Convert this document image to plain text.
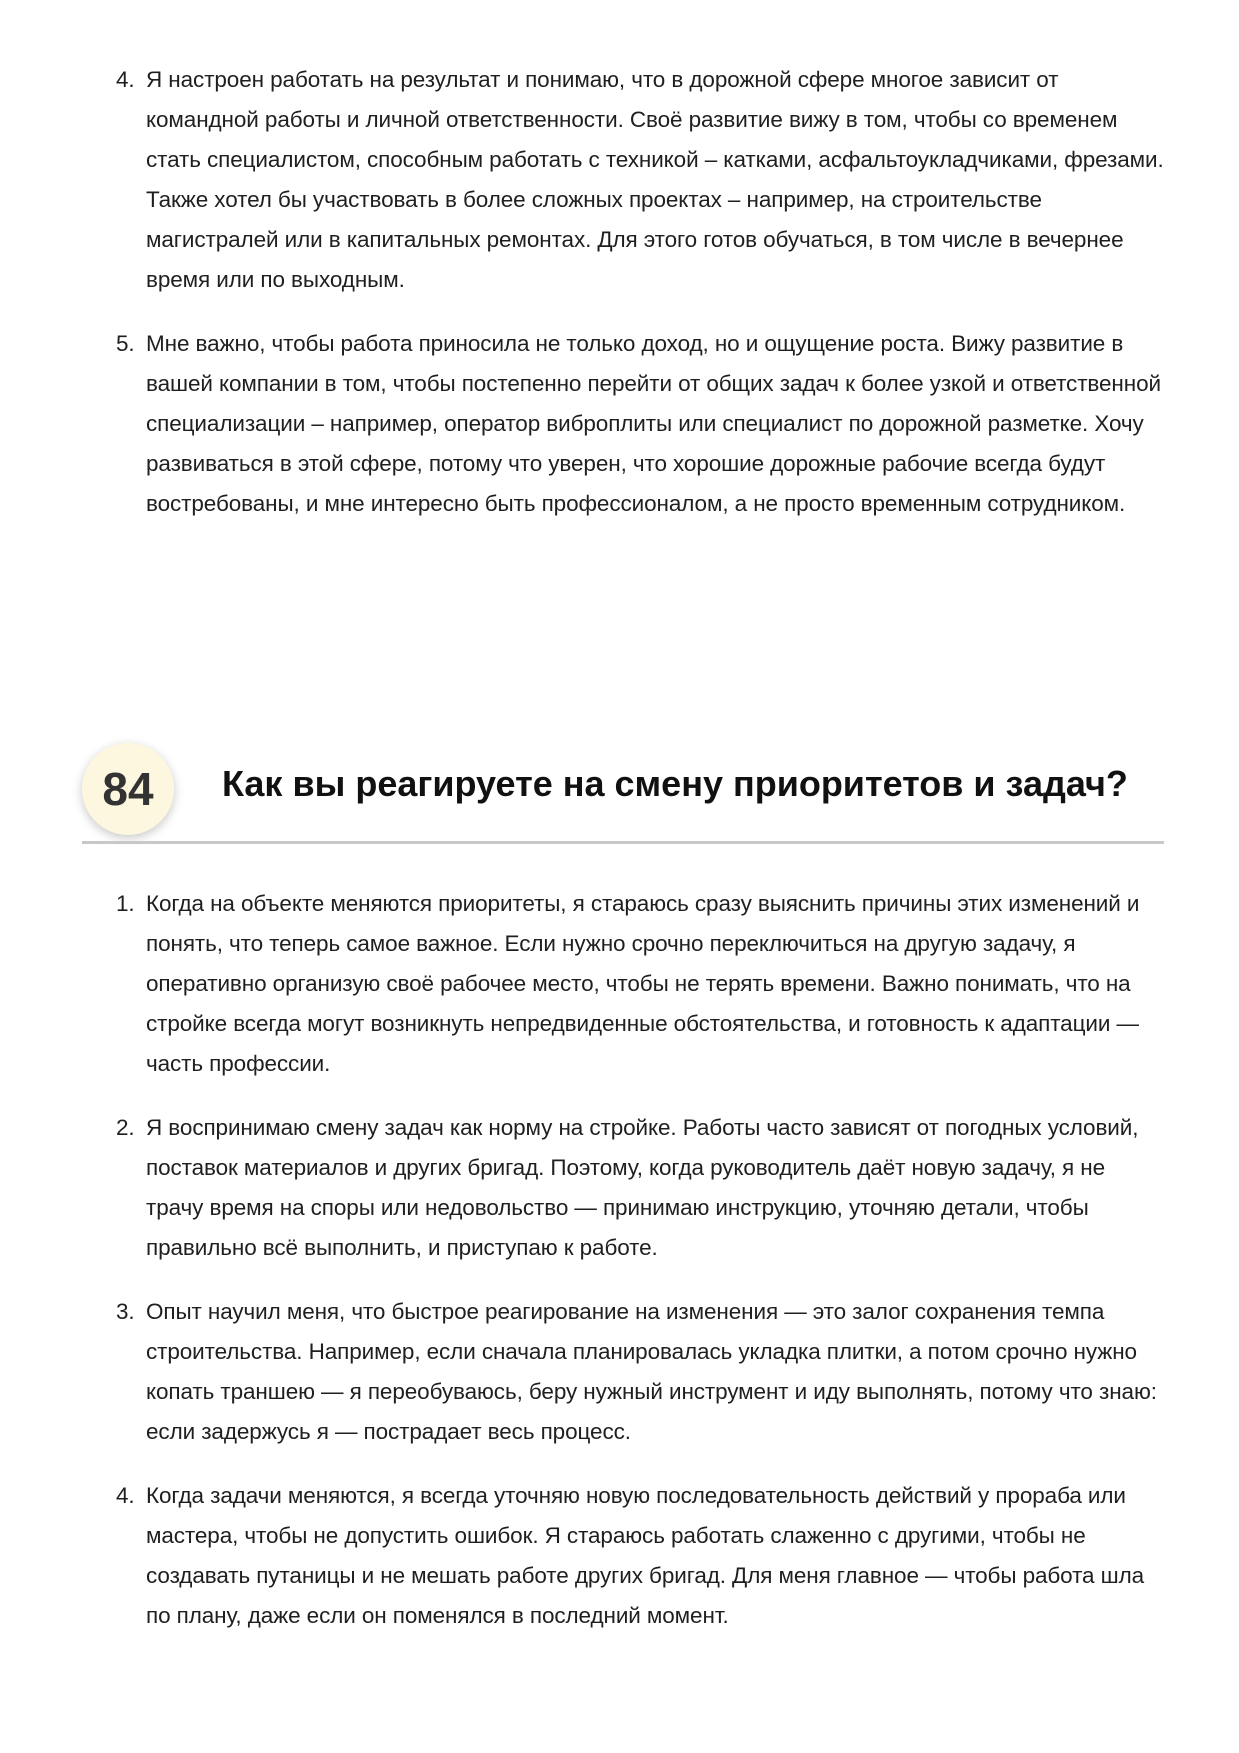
4. Я настроен работать на результат и понимаю, что в дорожной сфере многое зависит от командной работы и личной ответственности. Своё развитие вижу в том, чтобы со временем стать специалистом, способным работать с техникой – катками, асфальтоукладчиками, фрезами. Также хотел бы участвовать в более сложных проектах – например, на строительстве магистралей или в капитальных ремонтах. Для этого готов обучаться, в том числе в вечернее время или по выходным.
5. Мне важно, чтобы работа приносила не только доход, но и ощущение роста. Вижу развитие в вашей компании в том, чтобы постепенно перейти от общих задач к более узкой и ответственной специализации – например, оператор виброплиты или специалист по дорожной разметке. Хочу развиваться в этой сфере, потому что уверен, что хорошие дорожные рабочие всегда будут востребованы, и мне интересно быть профессионалом, а не просто временным сотрудником.
84	Как вы реагируете на смену приоритетов и задач?
1. Когда на объекте меняются приоритеты, я стараюсь сразу выяснить причины этих изменений и понять, что теперь самое важное. Если нужно срочно переключиться на другую задачу, я оперативно организую своё рабочее место, чтобы не терять времени. Важно понимать, что на стройке всегда могут возникнуть непредвиденные обстоятельства, и готовность к адаптации — часть профессии.
2. Я воспринимаю смену задач как норму на стройке. Работы часто зависят от погодных условий, поставок материалов и других бригад. Поэтому, когда руководитель даёт новую задачу, я не трачу время на споры или недовольство — принимаю инструкцию, уточняю детали, чтобы правильно всё выполнить, и приступаю к работе.
3. Опыт научил меня, что быстрое реагирование на изменения — это залог сохранения темпа строительства. Например, если сначала планировалась укладка плитки, а потом срочно нужно копать траншею — я переобуваюсь, беру нужный инструмент и иду выполнять, потому что знаю: если задержусь я — пострадает весь процесс.
4. Когда задачи меняются, я всегда уточняю новую последовательность действий у прораба или мастера, чтобы не допустить ошибок. Я стараюсь работать слаженно с другими, чтобы не создавать путаницы и не мешать работе других бригад. Для меня главное — чтобы работа шла по плану, даже если он поменялся в последний момент.
